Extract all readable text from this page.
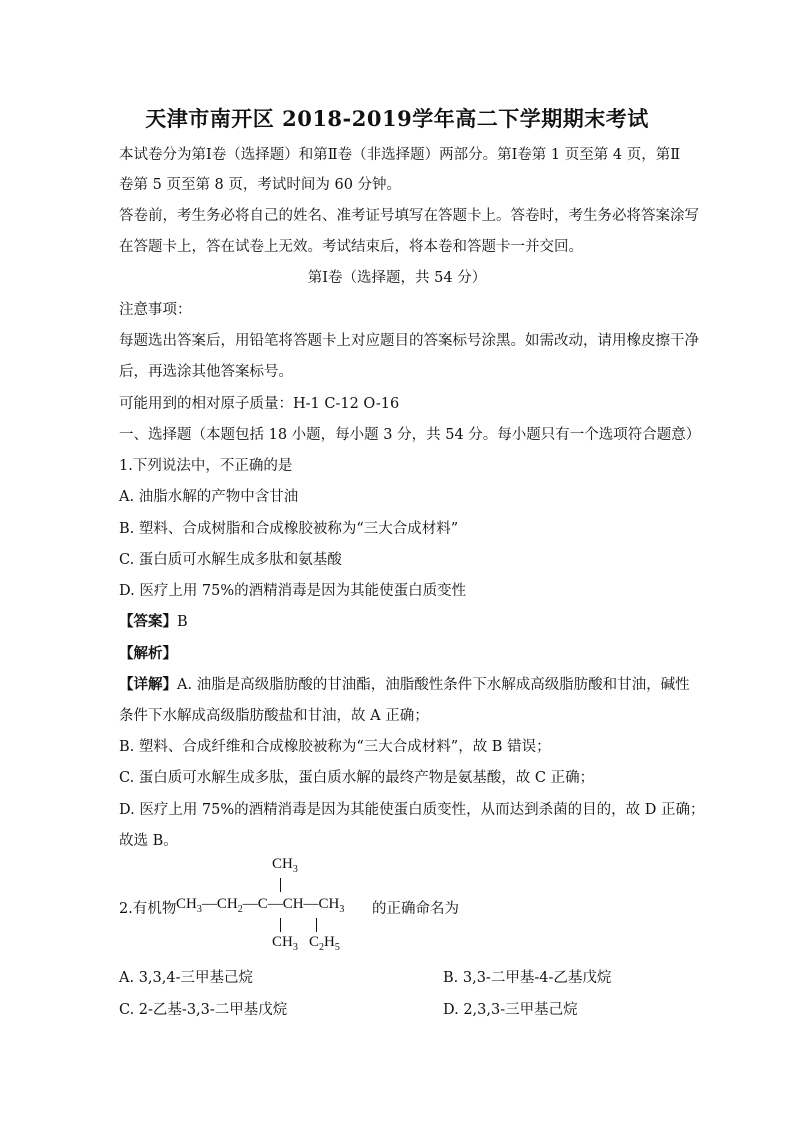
天津市南开区 2018-2019学年高二下学期期末考试
本试卷分为第Ⅰ卷（选择题）和第Ⅱ卷（非选择题）两部分。第Ⅰ卷第 1 页至第 4 页，第Ⅱ
卷第 5 页至第 8 页，考试时间为 60 分钟。
答卷前，考生务必将自己的姓名、准考证号填写在答题卡上。答卷时，考生务必将答案涂写
在答题卡上，答在试卷上无效。考试结束后，将本卷和答题卡一并交回。
第Ⅰ卷（选择题，共 54 分）
注意事项：
每题选出答案后，用铅笔将答题卡上对应题目的答案标号涂黑。如需改动，请用橡皮擦干净
后，再选涂其他答案标号。
可能用到的相对原子质量：H-1 C-12 O-16
一、选择题（本题包括 18 小题，每小题 3 分，共 54 分。每小题只有一个选项符合题意）
1.下列说法中，不正确的是
A. 油脂水解的产物中含甘油
B. 塑料、合成树脂和合成橡胶被称为“三大合成材料”
C. 蛋白质可水解生成多肽和氨基酸
D. 医疗上用 75%的酒精消毒是因为其能使蛋白质变性
【答案】B
【解析】
【详解】A. 油脂是高级脂肪酸的甘油酯，油脂酸性条件下水解成高级脂肪酸和甘油，碱性
条件下水解成高级脂肪酸盐和甘油，故 A 正确；
B. 塑料、合成纤维和合成橡胶被称为“三大合成材料”，故 B 错误；
C. 蛋白质可水解生成多肽，蛋白质水解的最终产物是氨基酸，故 C 正确；
D. 医疗上用 75%的酒精消毒是因为其能使蛋白质变性，从而达到杀菌的目的，故 D 正确；
故选 B。
2.有机物
$CH_3$
$CH_3—CH_2—C—CH—CH_3$
$CH_3$ $C_2H_5$
的正确命名为
A. 3,3,4-三甲基己烷	B. 3,3-二甲基-4-乙基戊烷
C. 2-乙基-3,3-二甲基戊烷	D. 2,3,3-三甲基己烷
